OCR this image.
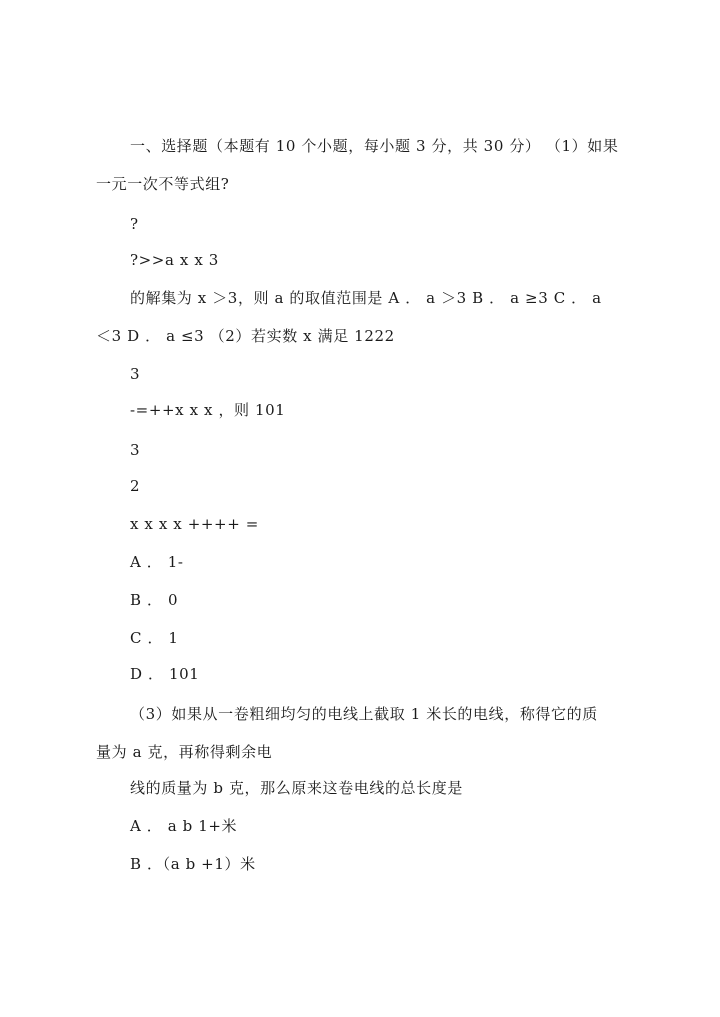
一、选择题（本题有 10 个小题，每小题 3 分，共 30 分） （1）如果
一元一次不等式组?
?
?>>a x x 3
的解集为 x ＞3，则 a 的取值范围是 A ． a ＞3 B ． a ≥3 C ． a
＜3 D ． a ≤3 （2）若实数 x 满足 1222
3
-=++x x x ，则 101
3
2
x x x x ++++ =
A ． 1-
B ． 0
C ． 1
D ． 101
（3）如果从一卷粗细均匀的电线上截取 1 米长的电线，称得它的质
量为 a 克，再称得剩余电
线的质量为 b 克，那么原来这卷电线的总长度是
A ． a b 1+米
B ．（a b +1）米
